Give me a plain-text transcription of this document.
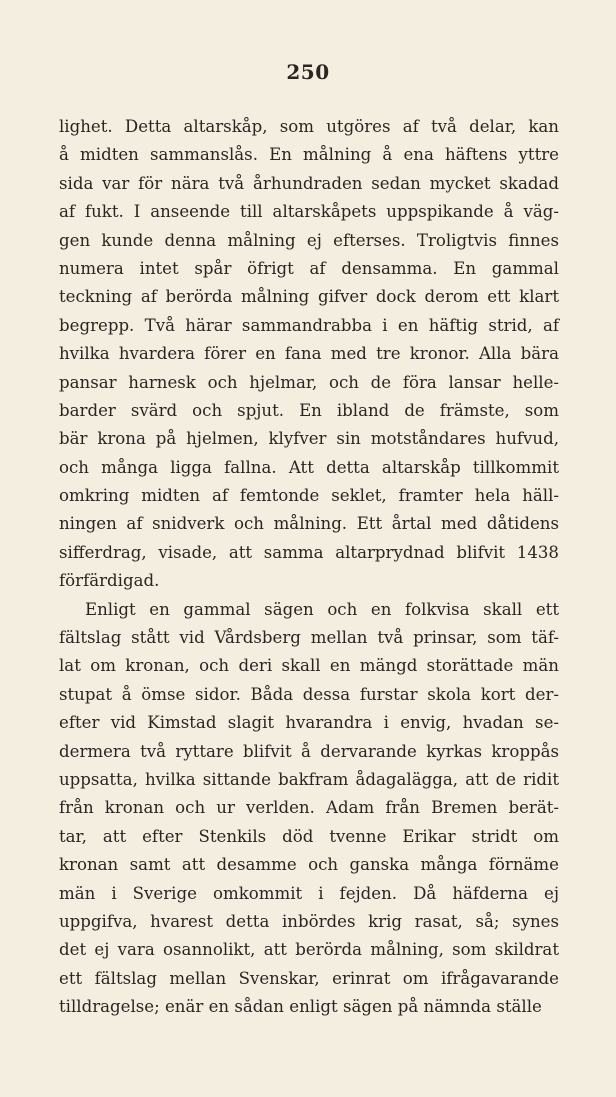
250
lighet. Detta altarskåp, som utgöres af två delar, kan
å midten sammanslås. En målning å ena häftens yttre
sida var för nära två århundraden sedan mycket skadad
af fukt. I anseende till altarskåpets uppspikande å väg-
gen kunde denna målning ej efterses. Troligtvis finnes
numera intet spår öfrigt af densamma. En gammal
teckning af berörda målning gifver dock derom ett klart
begrepp. Två härar sammandrabba i en häftig strid, af
hvilka hvardera förer en fana med tre kronor. Alla bära
pansar harnesk och hjelmar, och de föra lansar helle-
barder svärd och spjut. En ibland de främste, som
bär krona på hjelmen, klyfver sin motståndares hufvud,
och många ligga fallna. Att detta altarskåp tillkommit
omkring midten af femtonde seklet, framter hela häll-
ningen af snidverk och målning. Ett årtal med dåtidens
sifferdrag, visade, att samma altarprydnad blifvit 1438
förfärdigad.
Enligt en gammal sägen och en folkvisa skall ett
fältslag stått vid Vårdsberg mellan två prinsar, som täf-
lat om kronan, och deri skall en mängd storättade män
stupat å ömse sidor. Båda dessa furstar skola kort der-
efter vid Kimstad slagit hvarandra i envig, hvadan se-
dermera två ryttare blifvit å dervarande kyrkas kroppås
uppsatta, hvilka sittande bakfram ådagalägga, att de ridit
från kronan och ur verlden. Adam från Bremen berät-
tar, att efter Stenkils död tvenne Erikar stridt om
kronan samt att desamme och ganska många förnäme
män i Sverige omkommit i fejden. Då häfderna ej
uppgifva, hvarest detta inbördes krig rasat, så; synes
det ej vara osannolikt, att berörda målning, som skildrat
ett fältslag mellan Svenskar, erinrat om ifrågavarande
tilldragelse; enär en sådan enligt sägen på nämnda ställe
